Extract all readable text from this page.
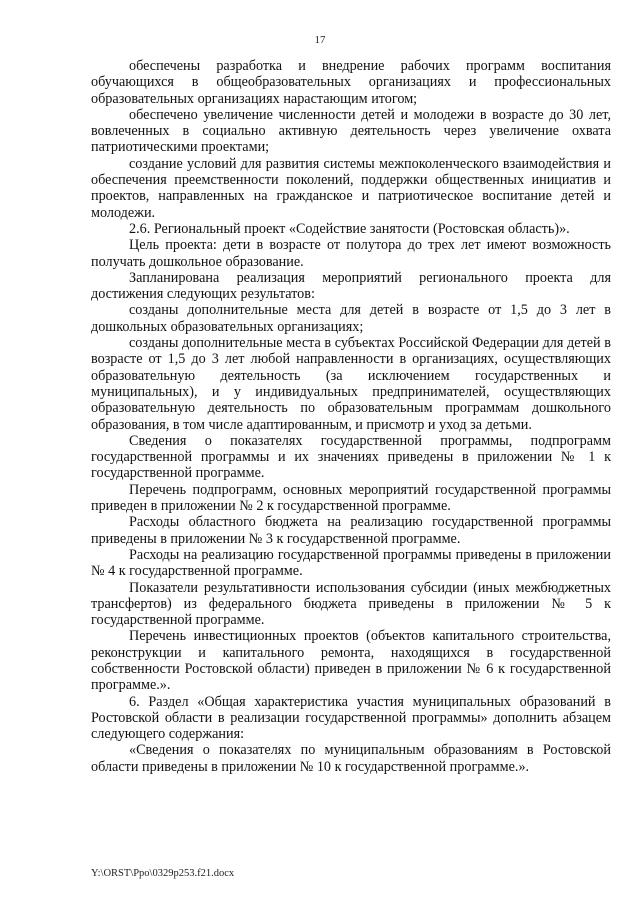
17

обеспечены разработка и внедрение рабочих программ воспитания обучающихся в общеобразовательных организациях и профессиональных образовательных организациях нарастающим итогом;

обеспечено увеличение численности детей и молодежи в возрасте до 30 лет, вовлеченных в социально активную деятельность через увеличение охвата патриотическими проектами;

создание условий для развития системы межпоколенческого взаимодействия и обеспечения преемственности поколений, поддержки общественных инициатив и проектов, направленных на гражданское и патриотическое воспитание детей и молодежи.

2.6. Региональный проект «Содействие занятости (Ростовская область)».

Цель проекта: дети в возрасте от полутора до трех лет имеют возможность получать дошкольное образование.

Запланирована реализация мероприятий регионального проекта для достижения следующих результатов:

созданы дополнительные места для детей в возрасте от 1,5 до 3 лет в дошкольных образовательных организациях;

созданы дополнительные места в субъектах Российской Федерации для детей в возрасте от 1,5 до 3 лет любой направленности в организациях, осуществляющих образовательную деятельность (за исключением государственных и муниципальных), и у индивидуальных предпринимателей, осуществляющих образовательную деятельность по образовательным программам дошкольного образования, в том числе адаптированным, и присмотр и уход за детьми.

Сведения о показателях государственной программы, подпрограмм государственной программы и их значениях приведены в приложении № 1 к государственной программе.

Перечень подпрограмм, основных мероприятий государственной программы приведен в приложении № 2 к государственной программе.

Расходы областного бюджета на реализацию государственной программы приведены в приложении № 3 к государственной программе.

Расходы на реализацию государственной программы приведены в приложении № 4 к государственной программе.

Показатели результативности использования субсидии (иных межбюджетных трансфертов) из федерального бюджета приведены в приложении № 5 к государственной программе.

Перечень инвестиционных проектов (объектов капитального строительства, реконструкции и капитального ремонта, находящихся в государственной собственности Ростовской области) приведен в приложении № 6 к государственной программе.».

6. Раздел «Общая характеристика участия муниципальных образований в Ростовской области в реализации государственной программы» дополнить абзацем следующего содержания:

«Сведения о показателях по муниципальным образованиям в Ростовской области приведены в приложении № 10 к государственной программе.».

Y:\ORST\Ppo\0329p253.f21.docx
